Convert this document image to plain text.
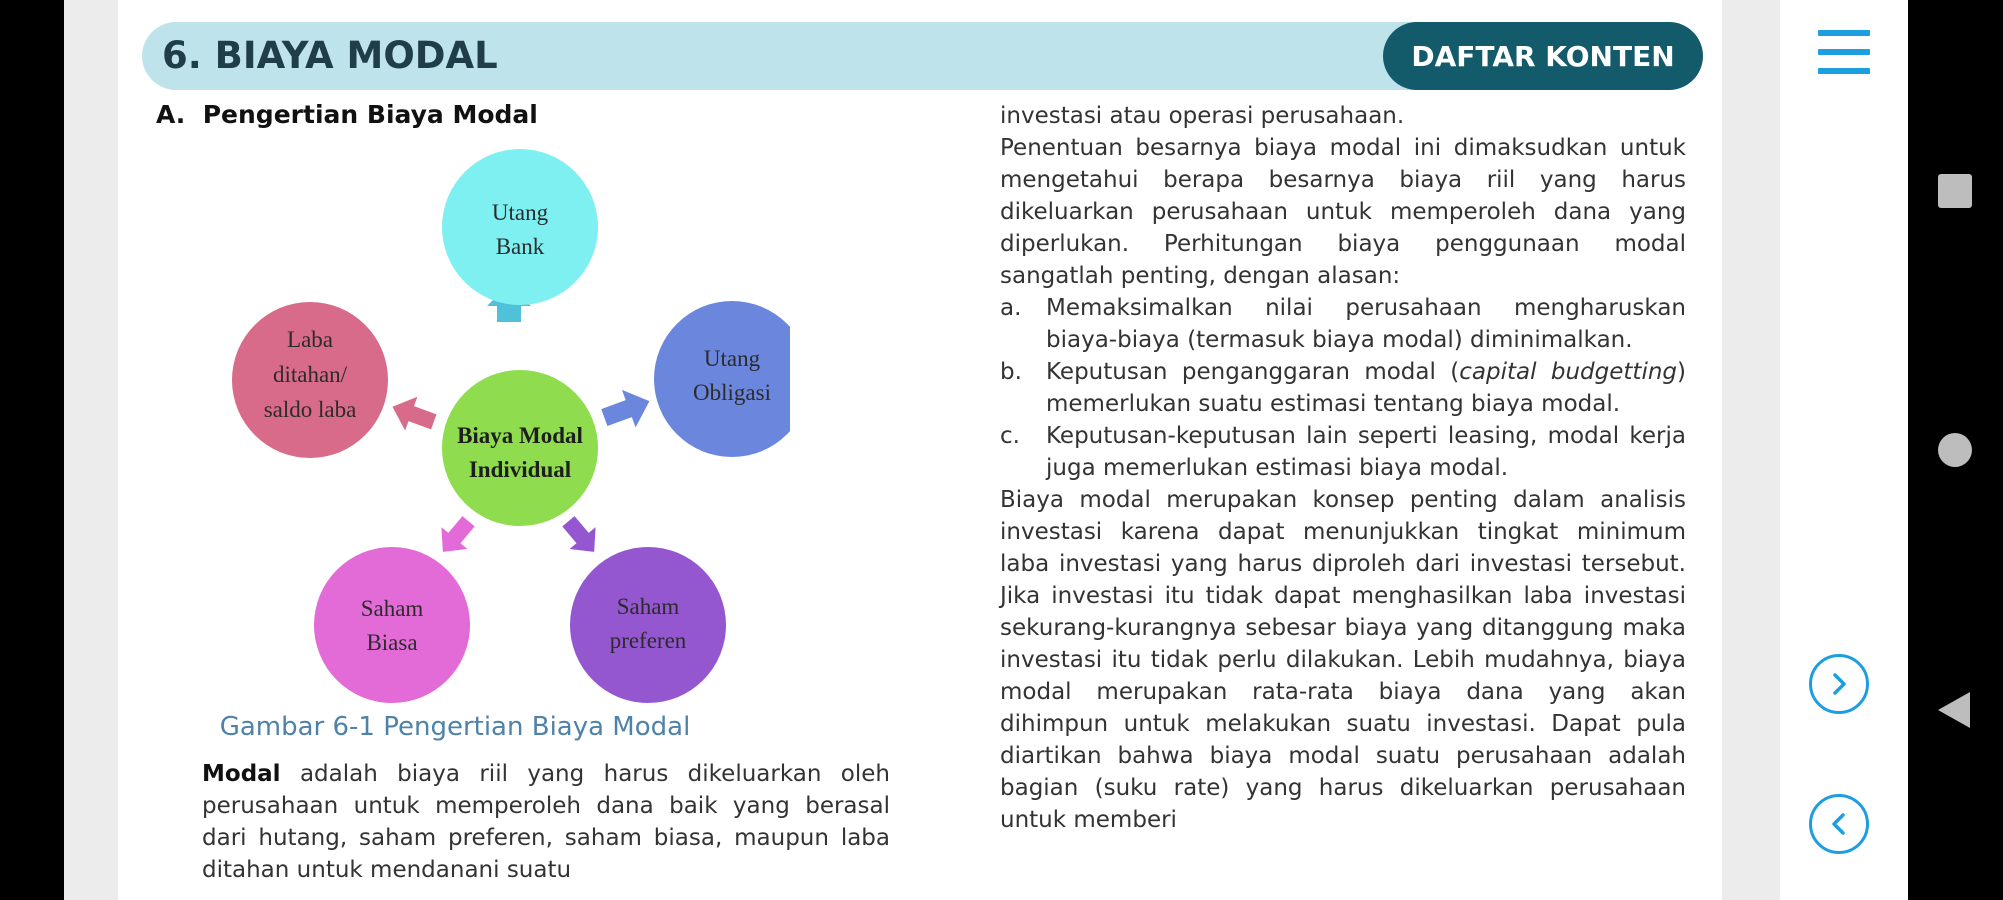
6. BIAYA MODAL	DAFTAR KONTEN
A. Pengertian Biaya Modal
Utang
Bank
Utang
Obligasi
Saham
preferen
Saham
Biasa
Laba
ditahan/
saldo laba
Biaya Modal
Individual
Gambar 6-1 Pengertian Biaya Modal
Modal adalah biaya riil yang harus dikeluarkan oleh perusahaan untuk memperoleh dana baik yang berasal dari hutang, saham preferen, saham biasa, maupun laba ditahan untuk mendanani suatu

investasi atau operasi perusahaan.

Penentuan besarnya biaya modal ini dimaksudkan untuk mengetahui berapa besarnya biaya riil yang harus dikeluarkan perusahaan untuk memperoleh dana yang diperlukan. Perhitungan biaya penggunaan modal sangatlah penting, dengan alasan:

a. Memaksimalkan nilai perusahaan mengharuskan biaya-biaya (termasuk biaya modal) diminimalkan.
b. Keputusan penganggaran modal (capital budgetting) memerlukan suatu estimasi tentang biaya modal.
c. Keputusan-keputusan lain seperti leasing, modal kerja juga memerlukan estimasi biaya modal.

Biaya modal merupakan konsep penting dalam analisis investasi karena dapat menunjukkan tingkat minimum laba investasi yang harus diproleh dari investasi tersebut. Jika investasi itu tidak dapat menghasilkan laba investasi sekurang-kurangnya sebesar biaya yang ditanggung maka investasi itu tidak perlu dilakukan. Lebih mudahnya, biaya modal merupakan rata-rata biaya dana yang akan dihimpun untuk melakukan suatu investasi. Dapat pula diartikan bahwa biaya modal suatu perusahaan adalah bagian (suku rate) yang harus dikeluarkan perusahaan untuk memberi
